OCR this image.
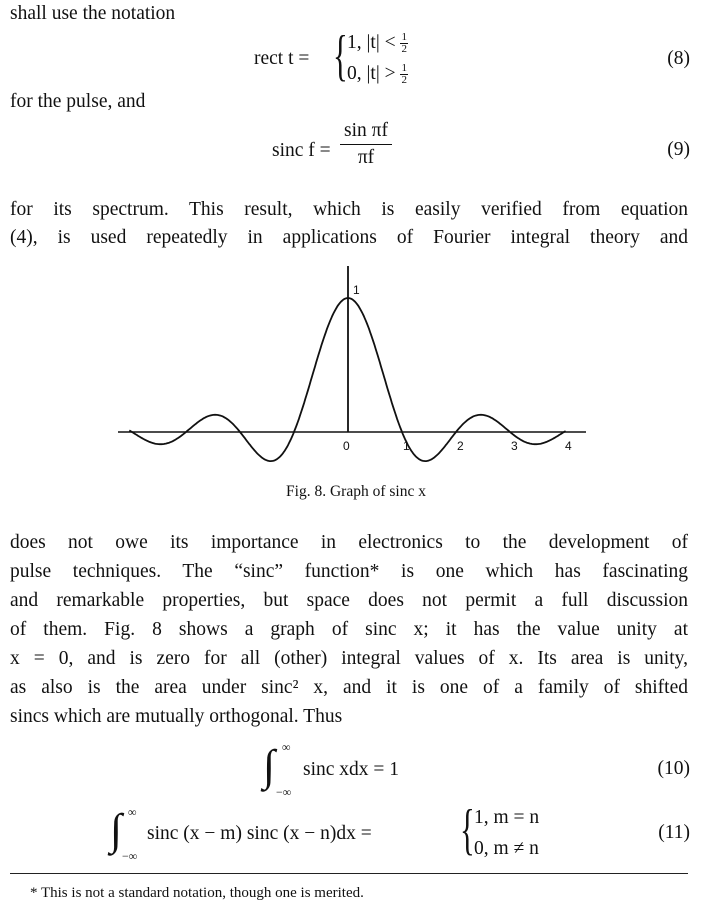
shall use the notation
rect t = { 1, $|t| < \frac{1}{2}$
0, $|t| > \frac{1}{2}$
(8)
for the pulse, and
sinc $f = \frac{\text{sin πf}}{\pi f}$	(9)
for its spectrum. This result, which is easily verified from equation
(4), is used repeatedly in applications of Fourier integral theory and
1
0	1	2	3	4
Fig. 8. Graph of sinc x
does not owe its importance in electronics to the development of
pulse techniques. The “sinc” function* is one which has fascinating
and remarkable properties, but space does not permit a full discussion
of them. Fig. 8 shows a graph of sinc x; it has the value unity at
x = 0, and is zero for all (other) integral values of x. Its area is unity,
as also is the area under sinc² x, and it is one of a family of shifted
sincs which are mutually orthogonal. Thus
∫ ∞
−∞
sinc xdx = 1	(10)
∫ ∞
−∞
sinc (x − m) sinc (x − n)dx = { 1, m = n
0, m ≠ n
(11)
* This is not a standard notation, though one is merited.
